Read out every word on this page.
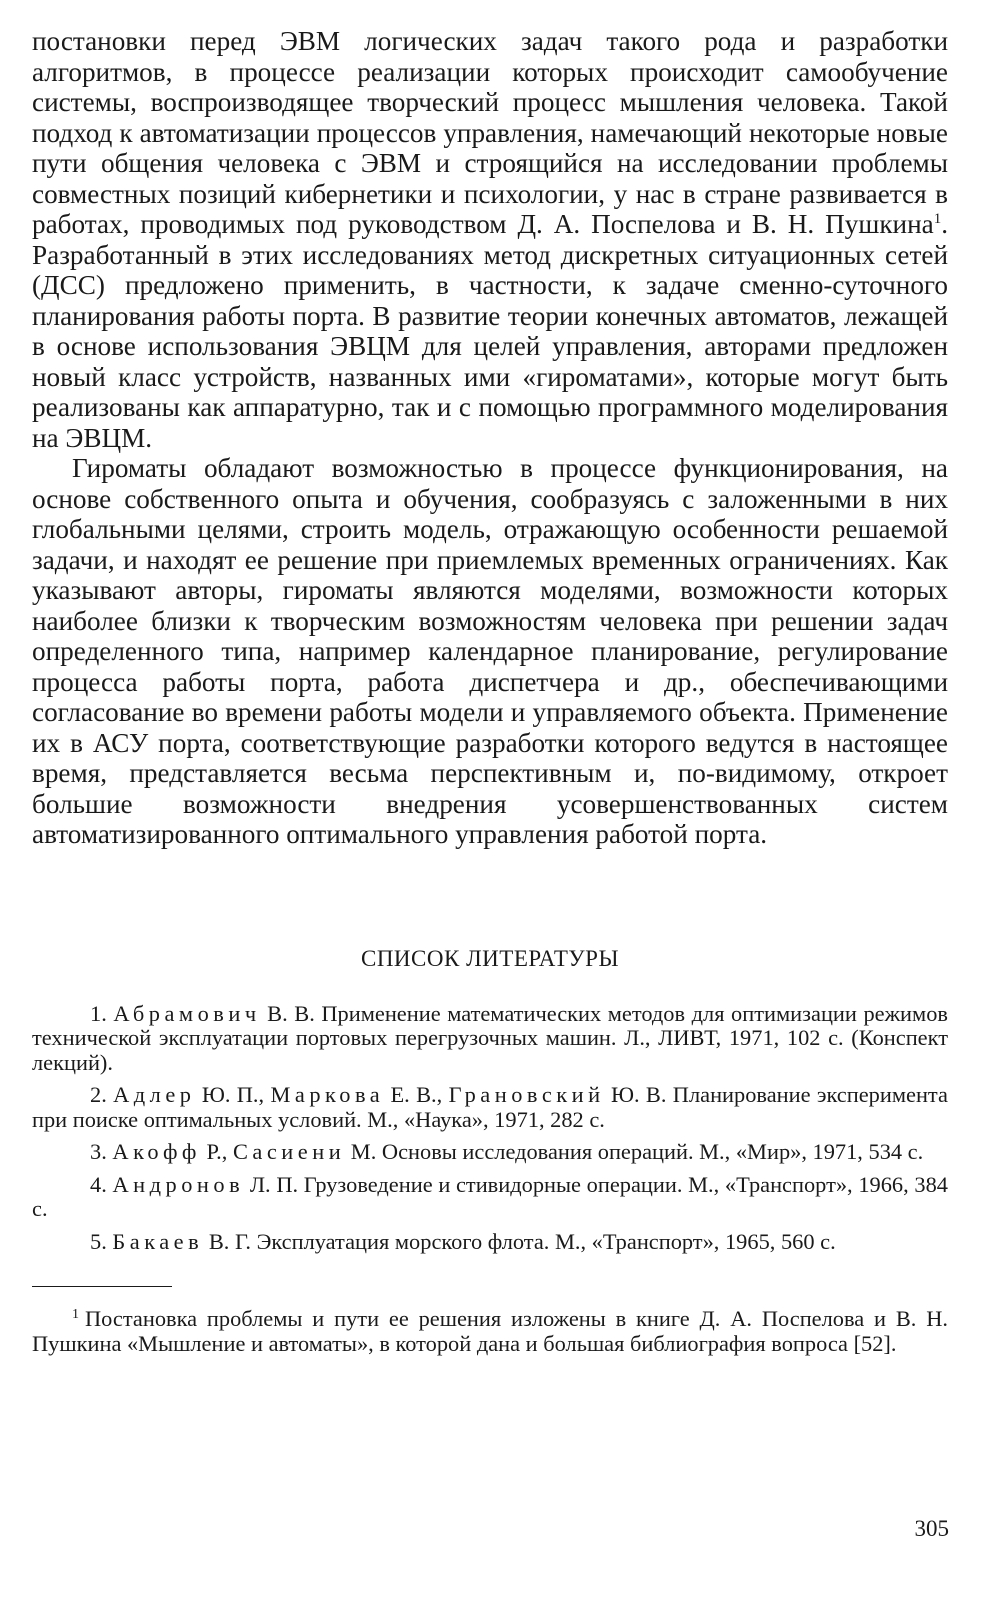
постановки перед ЭВМ логических задач такого рода и разработки алгоритмов, в процессе реализации которых происходит самообучение системы, воспроизводящее творческий процесс мышления человека. Такой подход к автоматизации процессов управления, намечающий некоторые новые пути общения человека с ЭВМ и строящийся на исследовании проблемы совместных позиций кибернетики и психологии, у нас в стране развивается в работах, проводимых под руководством Д. А. Поспелова и В. Н. Пушкина$^1$. Разработанный в этих исследованиях метод дискретных ситуационных сетей (ДСС) предложено применить, в частности, к задаче сменно-суточного планирования работы порта. В развитие теории конечных автоматов, лежащей в основе использования ЭВЦМ для целей управления, авторами предложен новый класс устройств, названных ими «гироматами», которые могут быть реализованы как аппаратурно, так и с помощью программного моделирования на ЭВЦМ.

Гироматы обладают возможностью в процессе функционирования, на основе собственного опыта и обучения, сообразуясь с заложенными в них глобальными целями, строить модель, отражающую особенности решаемой задачи, и находят ее решение при приемлемых временных ограничениях. Как указывают авторы, гироматы являются моделями, возможности которых наиболее близки к творческим возможностям человека при решении задач определенного типа, например календарное планирование, регулирование процесса работы порта, работа диспетчера и др., обеспечивающими согласование во времени работы модели и управляемого объекта. Применение их в АСУ порта, соответствующие разработки которого ведутся в настоящее время, представляется весьма перспективным и, по-видимому, откроет большие возможности внедрения усовершенствованных систем автоматизированного оптимального управления работой порта.

СПИСОК ЛИТЕРАТУРЫ

1. Абрамович В. В. Применение математических методов для оптимизации режимов технической эксплуатации портовых перегрузочных машин. Л., ЛИВТ, 1971, 102 с. (Конспект лекций).

2. Адлер Ю. П., Маркова Е. В., Грановский Ю. В. Планирование эксперимента при поиске оптимальных условий. М., «Наука», 1971, 282 с.

3. Акофф Р., Сасиени М. Основы исследования операций. М., «Мир», 1971, 534 с.

4. Андронов Л. П. Грузоведение и стивидорные операции. М., «Транспорт», 1966, 384 с.

5. Бакаев В. Г. Эксплуатация морского флота. М., «Транспорт», 1965, 560 с.

$^1$ Постановка проблемы и пути ее решения изложены в книге Д. А. Поспелова и В. Н. Пушкина «Мышление и автоматы», в которой дана и большая библиография вопроса [52].

305
